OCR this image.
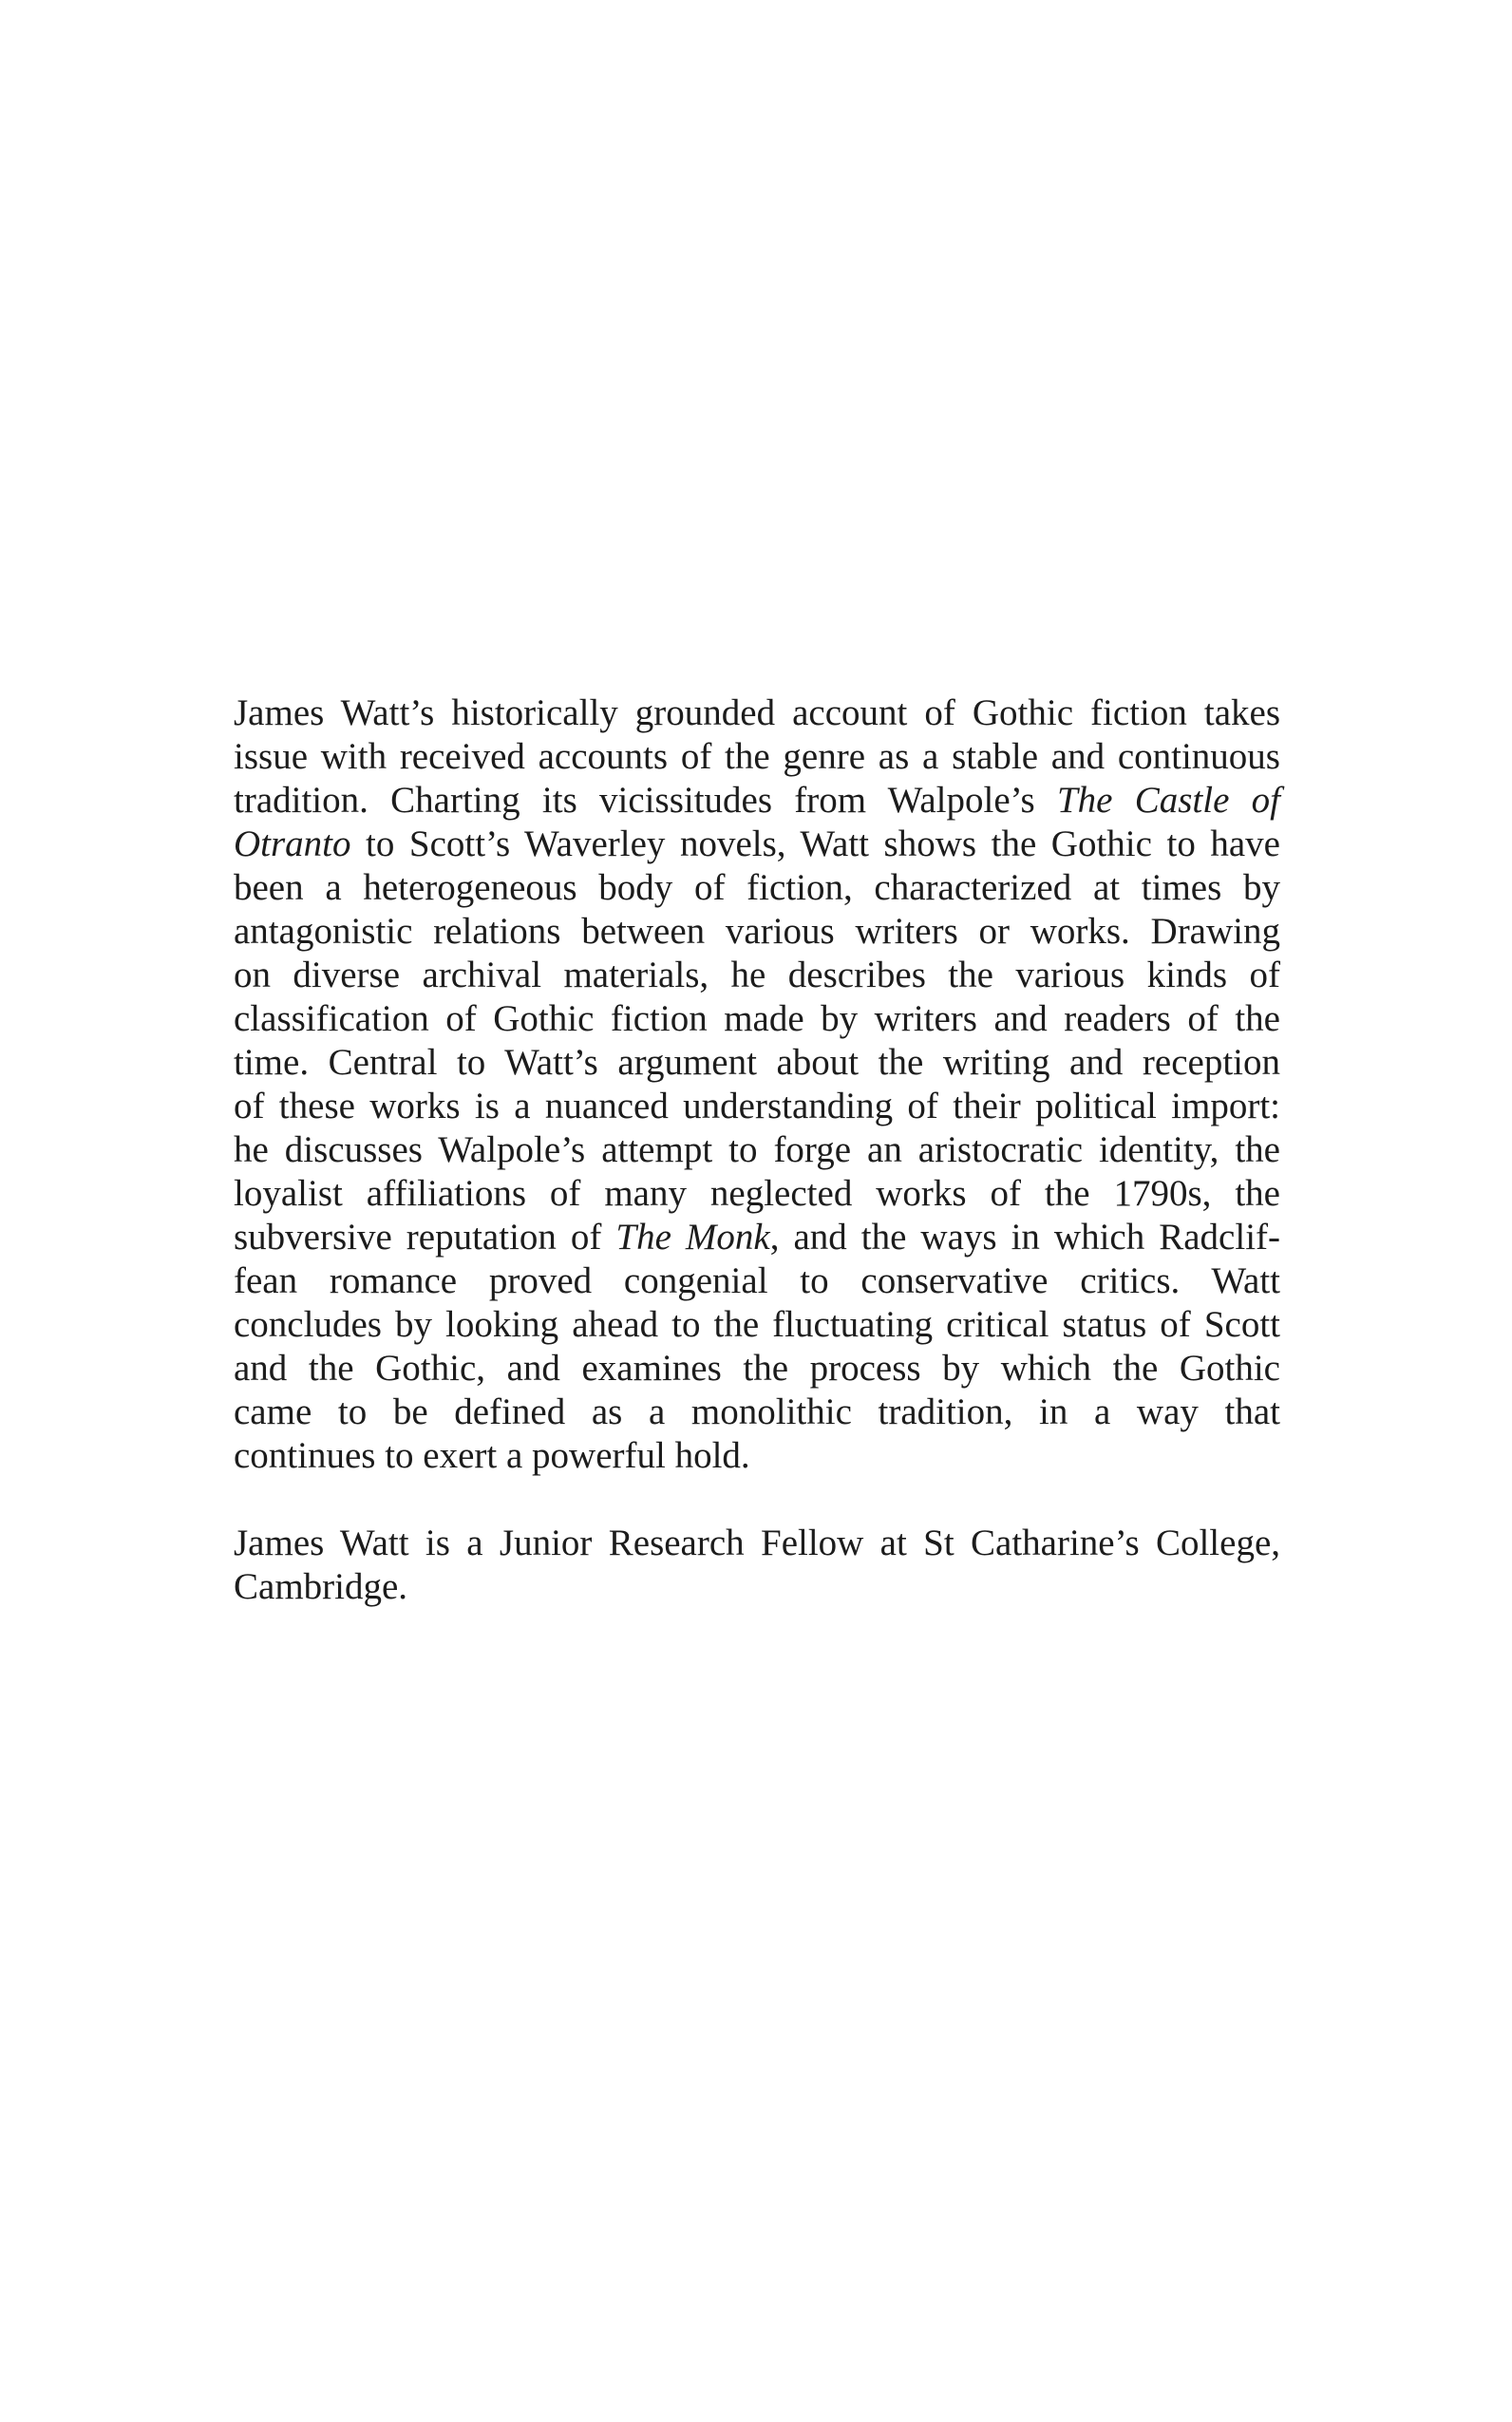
James Watt’s historically grounded account of Gothic fiction takes
issue with received accounts of the genre as a stable and continuous
tradition. Charting its vicissitudes from Walpole’s The Castle of
Otranto to Scott’s Waverley novels, Watt shows the Gothic to have
been a heterogeneous body of fiction, characterized at times by
antagonistic relations between various writers or works. Drawing
on diverse archival materials, he describes the various kinds of
classification of Gothic fiction made by writers and readers of the
time. Central to Watt’s argument about the writing and reception
of these works is a nuanced understanding of their political import:
he discusses Walpole’s attempt to forge an aristocratic identity, the
loyalist affiliations of many neglected works of the 1790s, the
subversive reputation of The Monk, and the ways in which Radclif-
fean romance proved congenial to conservative critics. Watt
concludes by looking ahead to the fluctuating critical status of Scott
and the Gothic, and examines the process by which the Gothic
came to be defined as a monolithic tradition, in a way that
continues to exert a powerful hold.
James Watt is a Junior Research Fellow at St Catharine’s College,
Cambridge.
